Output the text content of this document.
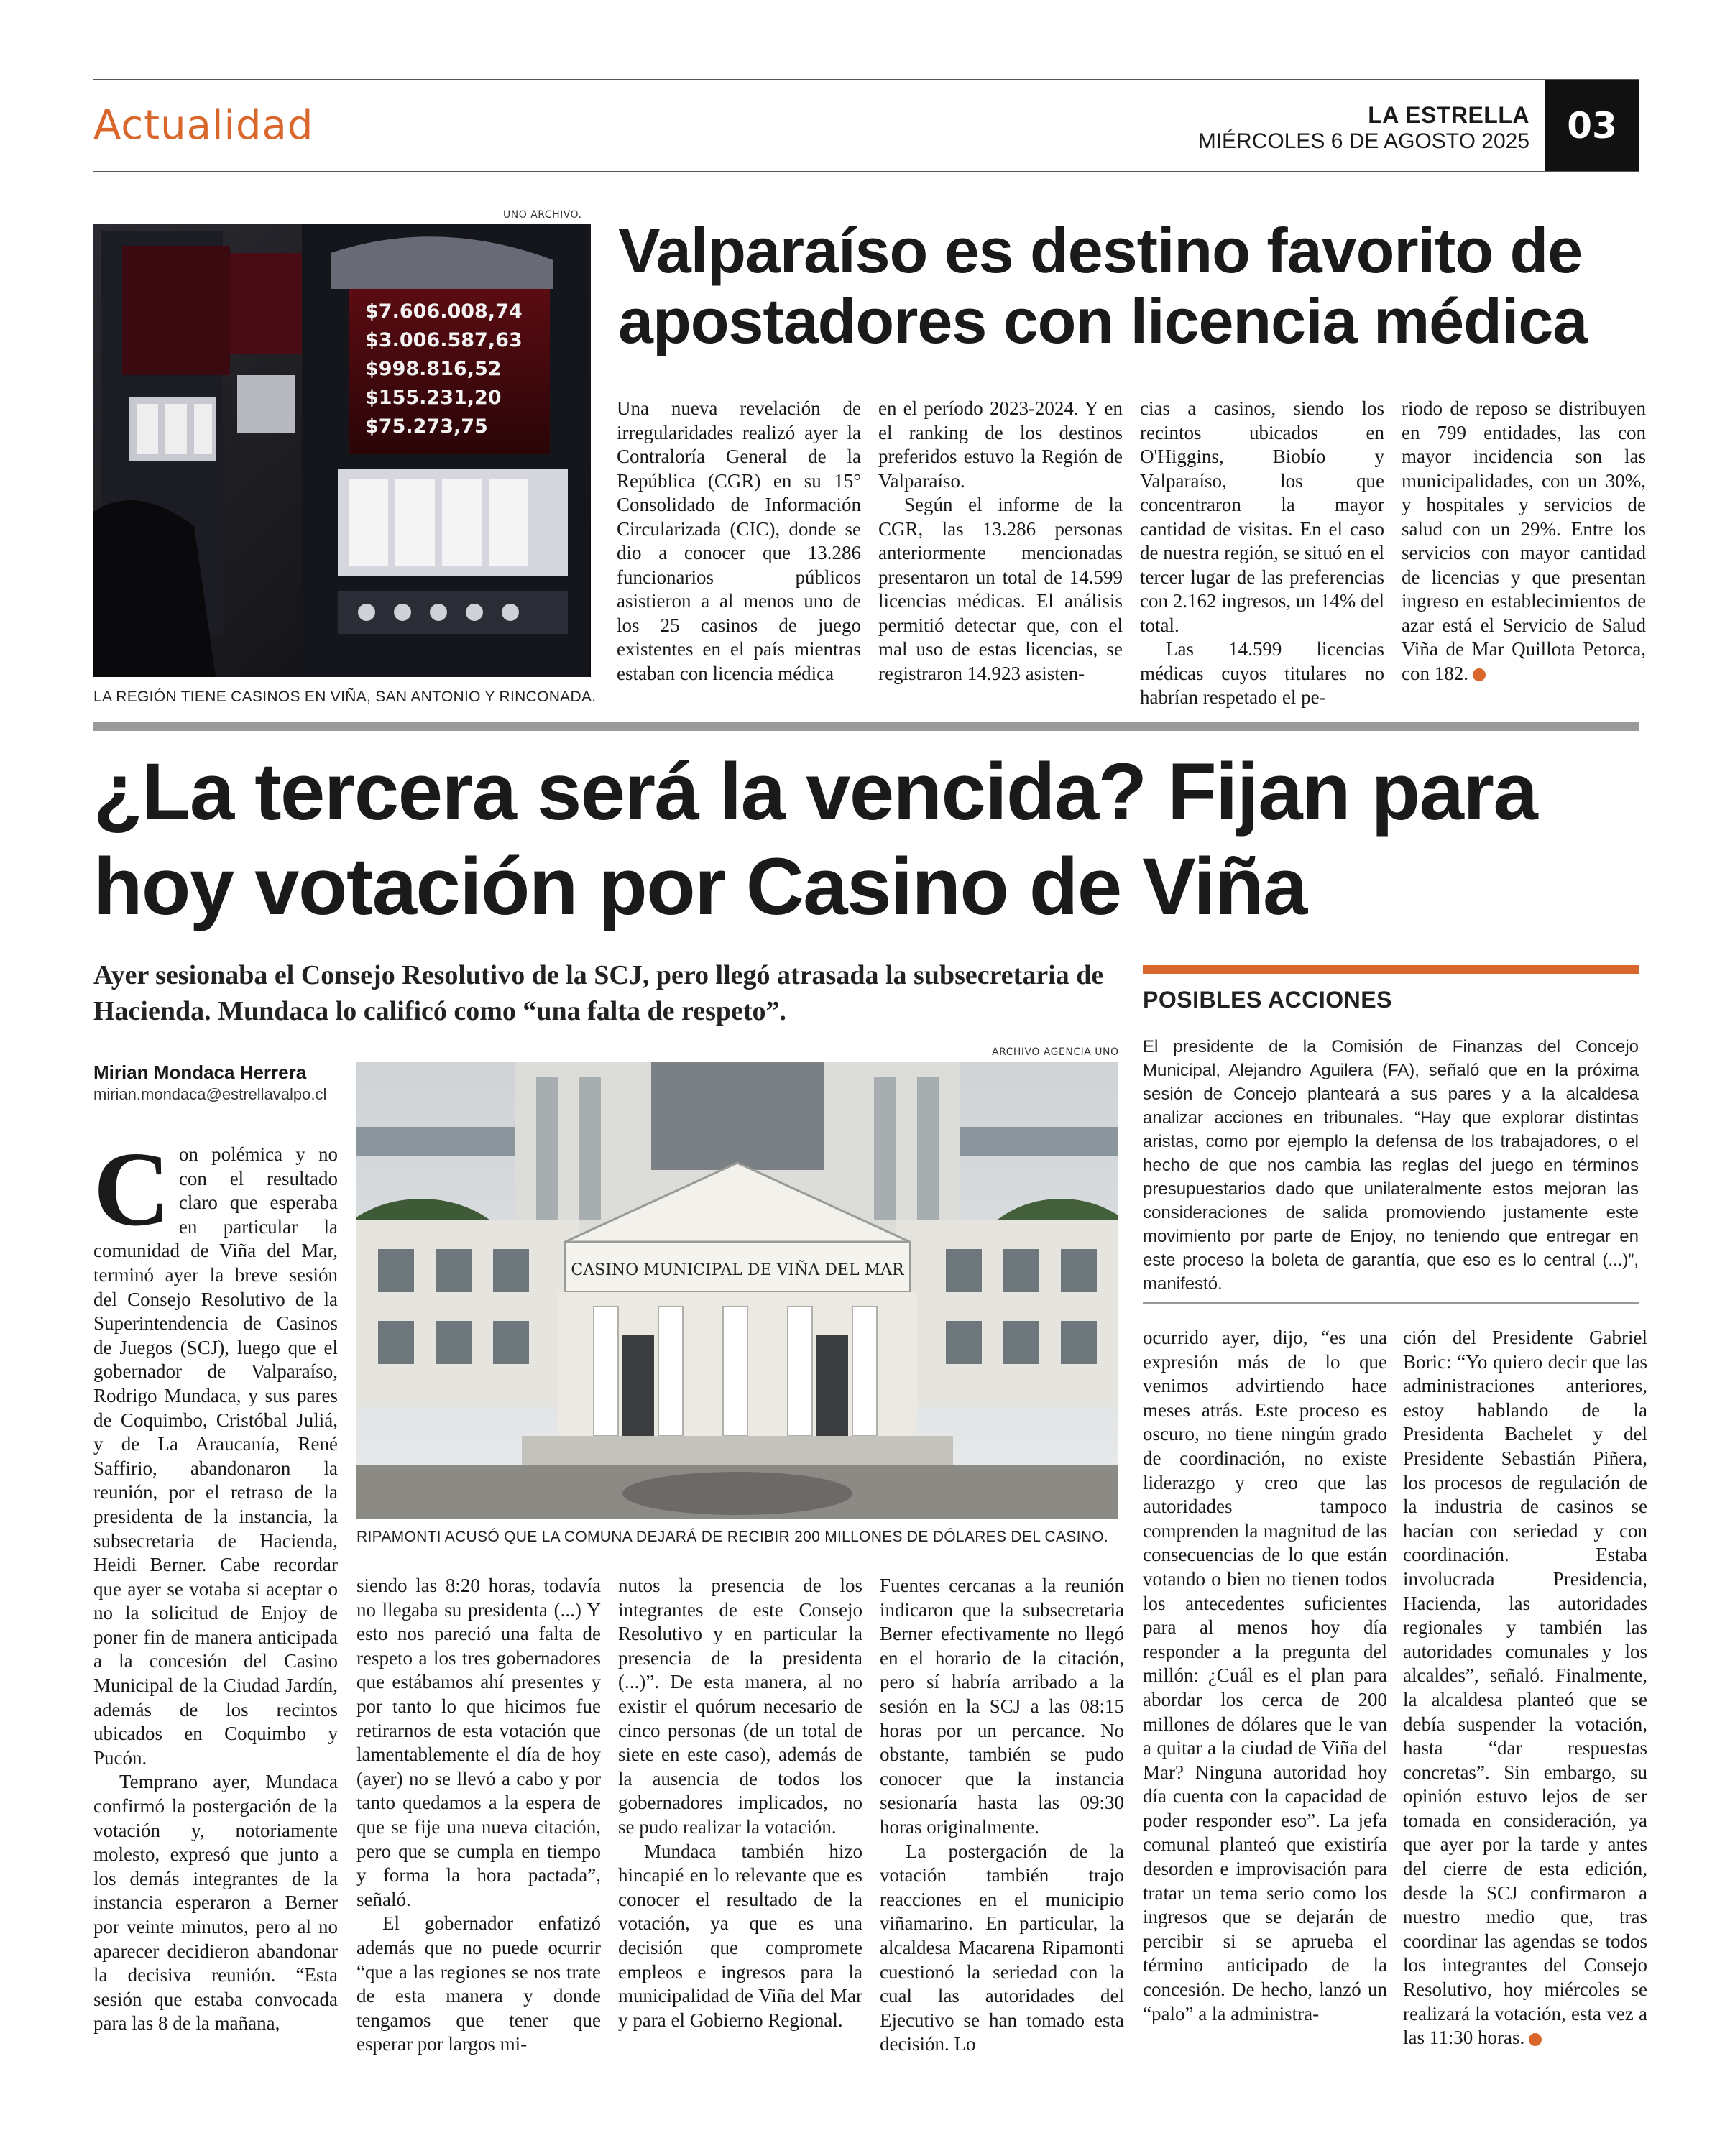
Actualidad	LA ESTRELLA
MIÉRCOLES 6 DE AGOSTO 2025	03
UNO ARCHIVO.
$7.606.008,74
$3.006.587,63
$998.816,52
$155.231,20
$75.273,75
LA REGIÓN TIENE CASINOS EN VIÑA, SAN ANTONIO Y RINCONADA.
Valparaíso es destino favorito de apostadores con licencia médica

Una nueva revelación de irregularidades realizó ayer la Contraloría General de la República (CGR) en su 15° Consolidado de Información Circularizada (CIC), donde se dio a conocer que 13.286 funcionarios públicos asistieron a al menos uno de los 25 casinos de juego existentes en el país mientras estaban con licencia médica

en el período 2023-2024. Y en el ranking de los destinos preferidos estuvo la Región de Valparaíso.

Según el informe de la CGR, las 13.286 personas anteriormente mencionadas presentaron un total de 14.599 licencias médicas. El análisis permitió detectar que, con el mal uso de estas licencias, se registraron 14.923 asisten-

cias a casinos, siendo los recintos ubicados en O'Higgins, Biobío y Valparaíso, los que concentraron la mayor cantidad de visitas. En el caso de nuestra región, se situó en el tercer lugar de las preferencias con 2.162 ingresos, un 14% del total.

Las 14.599 licencias médicas cuyos titulares no habrían respetado el pe-

riodo de reposo se distribuyen en 799 entidades, las con mayor incidencia son las municipalidades, con un 30%, y hospitales y servicios de salud con un 29%. Entre los servicios con mayor cantidad de licencias y que presentan ingreso en establecimientos de azar está el Servicio de Salud Viña de Mar Quillota Petorca, con 182.

¿La tercera será la vencida? Fijan para hoy votación por Casino de Viña
Ayer sesionaba el Consejo Resolutivo de la SCJ, pero llegó atrasada la subsecretaria de Hacienda. Mundaca lo calificó como “una falta de respeto”.
Mirian Mondaca Herrera
mirian.mondaca@estrellavalpo.cl
ARCHIVO AGENCIA UNO
CASINO MUNICIPAL DE VIÑA DEL MAR
RIPAMONTI ACUSÓ QUE LA COMUNA DEJARÁ DE RECIBIR 200 MILLONES DE DÓLARES DEL CASINO.

Con polémica y no con el resultado claro que esperaba en particular la comunidad de Viña del Mar, terminó ayer la breve sesión del Consejo Resolutivo de la Superintendencia de Casinos de Juegos (SCJ), luego que el gobernador de Valparaíso, Rodrigo Mundaca, y sus pares de Coquimbo, Cristóbal Juliá, y de La Araucanía, René Saffirio, abandonaron la reunión, por el retraso de la presidenta de la instancia, la subsecretaria de Hacienda, Heidi Berner. Cabe recordar que ayer se votaba si aceptar o no la solicitud de Enjoy de poner fin de manera anticipada a la concesión del Casino Municipal de la Ciudad Jardín, además de los recintos ubicados en Coquimbo y Pucón.

Temprano ayer, Mundaca confirmó la postergación de la votación y, notoriamente molesto, expresó que junto a los demás integrantes de la instancia esperaron a Berner por veinte minutos, pero al no aparecer decidieron abandonar la decisiva reunión. “Esta sesión que estaba convocada para las 8 de la mañana,

siendo las 8:20 horas, todavía no llegaba su presidenta (...) Y esto nos pareció una falta de respeto a los tres gobernadores que estábamos ahí presentes y por tanto lo que hicimos fue retirarnos de esta votación que lamentablemente el día de hoy (ayer) no se llevó a cabo y por tanto quedamos a la espera de que se fije una nueva citación, pero que se cumpla en tiempo y forma la hora pactada”, señaló.

El gobernador enfatizó además que no puede ocurrir “que a las regiones se nos trate de esta manera y donde tengamos que tener que esperar por largos mi-

nutos la presencia de los integrantes de este Consejo Resolutivo y en particular la presencia de la presidenta (...)”. De esta manera, al no existir el quórum necesario de cinco personas (de un total de siete en este caso), además de la ausencia de todos los gobernadores implicados, no se pudo realizar la votación.

Mundaca también hizo hincapié en lo relevante que es conocer el resultado de la votación, ya que es una decisión que compromete empleos e ingresos para la municipalidad de Viña del Mar y para el Gobierno Regional.

Fuentes cercanas a la reunión indicaron que la subsecretaria Berner efectivamente no llegó en el horario de la citación, pero sí habría arribado a la sesión en la SCJ a las 08:15 horas por un percance. No obstante, también se pudo conocer que la instancia sesionaría hasta las 09:30 horas originalmente.

La postergación de la votación también trajo reacciones en el municipio viñamarino. En particular, la alcaldesa Macarena Ripamonti cuestionó la seriedad con la cual las autoridades del Ejecutivo se han tomado esta decisión. Lo

ocurrido ayer, dijo, “es una expresión más de lo que venimos advirtiendo hace meses atrás. Este proceso es oscuro, no tiene ningún grado de coordinación, no existe liderazgo y creo que las autoridades tampoco comprenden la magnitud de las consecuencias de lo que están votando o bien no tienen todos los antecedentes suficientes para al menos hoy día responder a la pregunta del millón: ¿Cuál es el plan para abordar los cerca de 200 millones de dólares que le van a quitar a la ciudad de Viña del Mar? Ninguna autoridad hoy día cuenta con la capacidad de poder responder eso”. La jefa comunal planteó que existiría desorden e improvisación para tratar un tema serio como los ingresos que se dejarán de percibir si se aprueba el término anticipado de la concesión. De hecho, lanzó un “palo” a la administra-

ción del Presidente Gabriel Boric: “Yo quiero decir que las administraciones anteriores, estoy hablando de la Presidenta Bachelet y del Presidente Sebastián Piñera, los procesos de regulación de la industria de casinos se hacían con seriedad y con coordinación. Estaba involucrada Presidencia, Hacienda, las autoridades regionales y también las autoridades comunales y los alcaldes”, señaló. Finalmente, la alcaldesa planteó que se debía suspender la votación, hasta “dar respuestas concretas”. Sin embargo, su opinión estuvo lejos de ser tomada en consideración, ya que ayer por la tarde y antes del cierre de esta edición, desde la SCJ confirmaron a nuestro medio que, tras coordinar las agendas se todos los integrantes del Consejo Resolutivo, hoy miércoles se realizará la votación, esta vez a las 11:30 horas.

POSIBLES ACCIONES
El presidente de la Comisión de Finanzas del Concejo Municipal, Alejandro Aguilera (FA), señaló que en la próxima sesión de Concejo planteará a sus pares y a la alcaldesa analizar acciones en tribunales. “Hay que explorar distintas aristas, como por ejemplo la defensa de los trabajadores, o el hecho de que nos cambia las reglas del juego en términos presupuestarios dado que unilateralmente estos mejoran las consideraciones de salida promoviendo justamente este movimiento por parte de Enjoy, no teniendo que entregar en este proceso la boleta de garantía, que eso es lo central (...)”, manifestó.
